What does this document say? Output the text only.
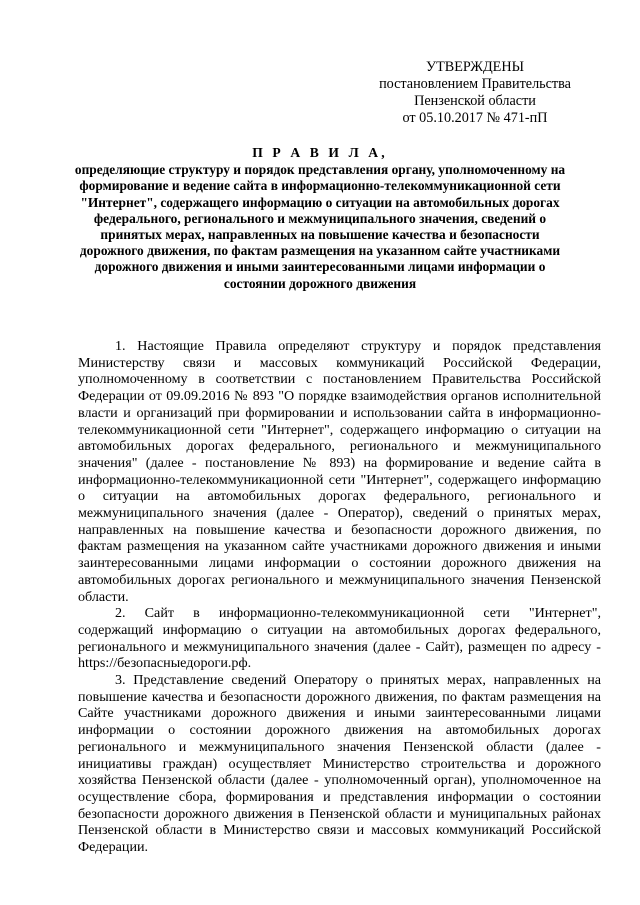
УТВЕРЖДЕНЫ
постановлением Правительства
Пензенской области
от 05.10.2017 № 471-пП
П Р А В И Л А,
определяющие структуру и порядок представления органу, уполномоченному на формирование и ведение сайта в информационно-телекоммуникационной сети "Интернет", содержащего информацию о ситуации на автомобильных дорогах федерального, регионального и межмуниципального значения, сведений о принятых мерах, направленных на повышение качества и безопасности дорожного движения, по фактам размещения на указанном сайте участниками дорожного движения и иными заинтересованными лицами информации о состоянии дорожного движения

1. Настоящие Правила определяют структуру и порядок представления Министерству связи и массовых коммуникаций Российской Федерации, уполномоченному в соответствии с постановлением Правительства Российской Федерации от 09.09.2016 № 893 "О порядке взаимодействия органов исполнительной власти и организаций при формировании и использовании сайта в информационно-телекоммуникационной сети "Интернет", содержащего информацию о ситуации на автомобильных дорогах федерального, регионального и межмуниципального значения" (далее - постановление № 893) на формирование и ведение сайта в информационно-телекоммуникационной сети "Интернет", содержащего информацию о ситуации на автомобильных дорогах федерального, регионального и межмуниципального значения (далее - Оператор), сведений о принятых мерах, направленных на повышение качества и безопасности дорожного движения, по фактам размещения на указанном сайте участниками дорожного движения и иными заинтересованными лицами информации о состоянии дорожного движения на автомобильных дорогах регионального и межмуниципального значения Пензенской области.

2. Сайт в информационно-телекоммуникационной сети "Интернет", содержащий информацию о ситуации на автомобильных дорогах федерального, регионального и межмуниципального значения (далее - Сайт), размещен по адресу - https://безопасныедороги.рф.

3. Представление сведений Оператору о принятых мерах, направленных на повышение качества и безопасности дорожного движения, по фактам размещения на Сайте участниками дорожного движения и иными заинтересованными лицами информации о состоянии дорожного движения на автомобильных дорогах регионального и межмуниципального значения Пензенской области (далее - инициативы граждан) осуществляет Министерство строительства и дорожного хозяйства Пензенской области (далее - уполномоченный орган), уполномоченное на осуществление сбора, формирования и представления информации о состоянии безопасности дорожного движения в Пензенской области и муниципальных районах Пензенской области в Министерство связи и массовых коммуникаций Российской Федерации.
